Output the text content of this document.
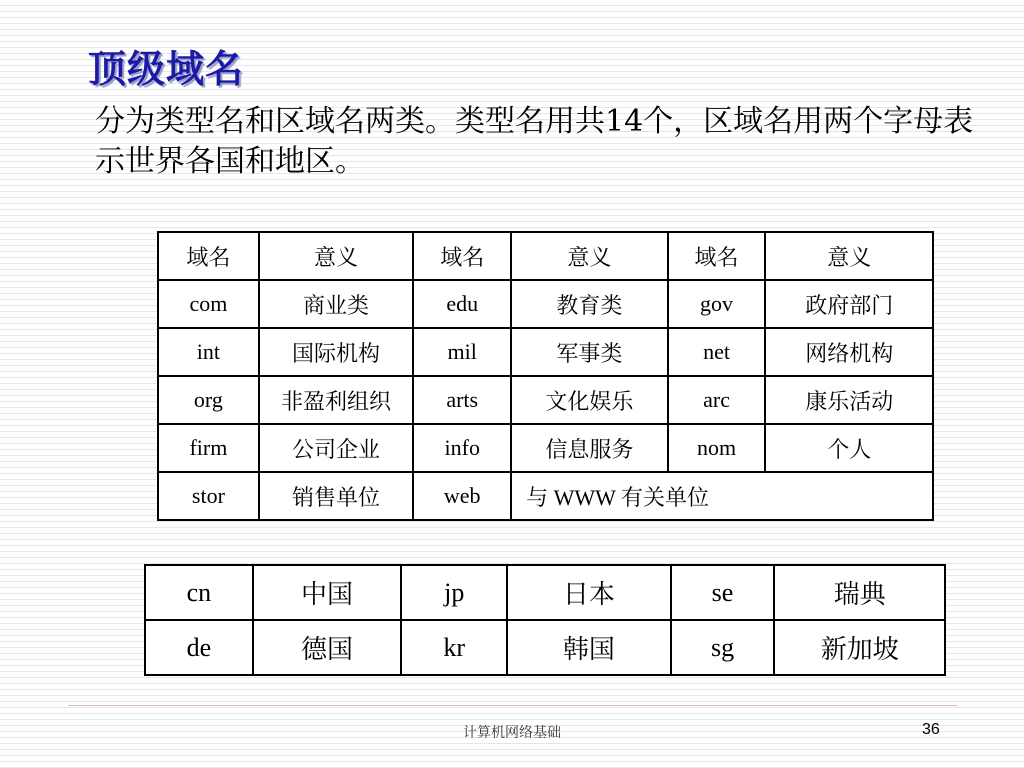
顶级域名
分为类型名和区域名两类。类型名用共14个，区域名用两个字母表示世界各国和地区。
域名	意义	域名	意义	域名	意义
com	商业类	edu	教育类	gov	政府部门
int	国际机构	mil	军事类	net	网络机构
org	非盈利组织	arts	文化娱乐	arc	康乐活动
firm	公司企业	info	信息服务	nom	个人
stor	销售单位	web	与 WWW 有关单位		
cn	中国	jp	日本	se	瑞典
de	德国	kr	韩国	sg	新加坡
计算机网络基础	36
